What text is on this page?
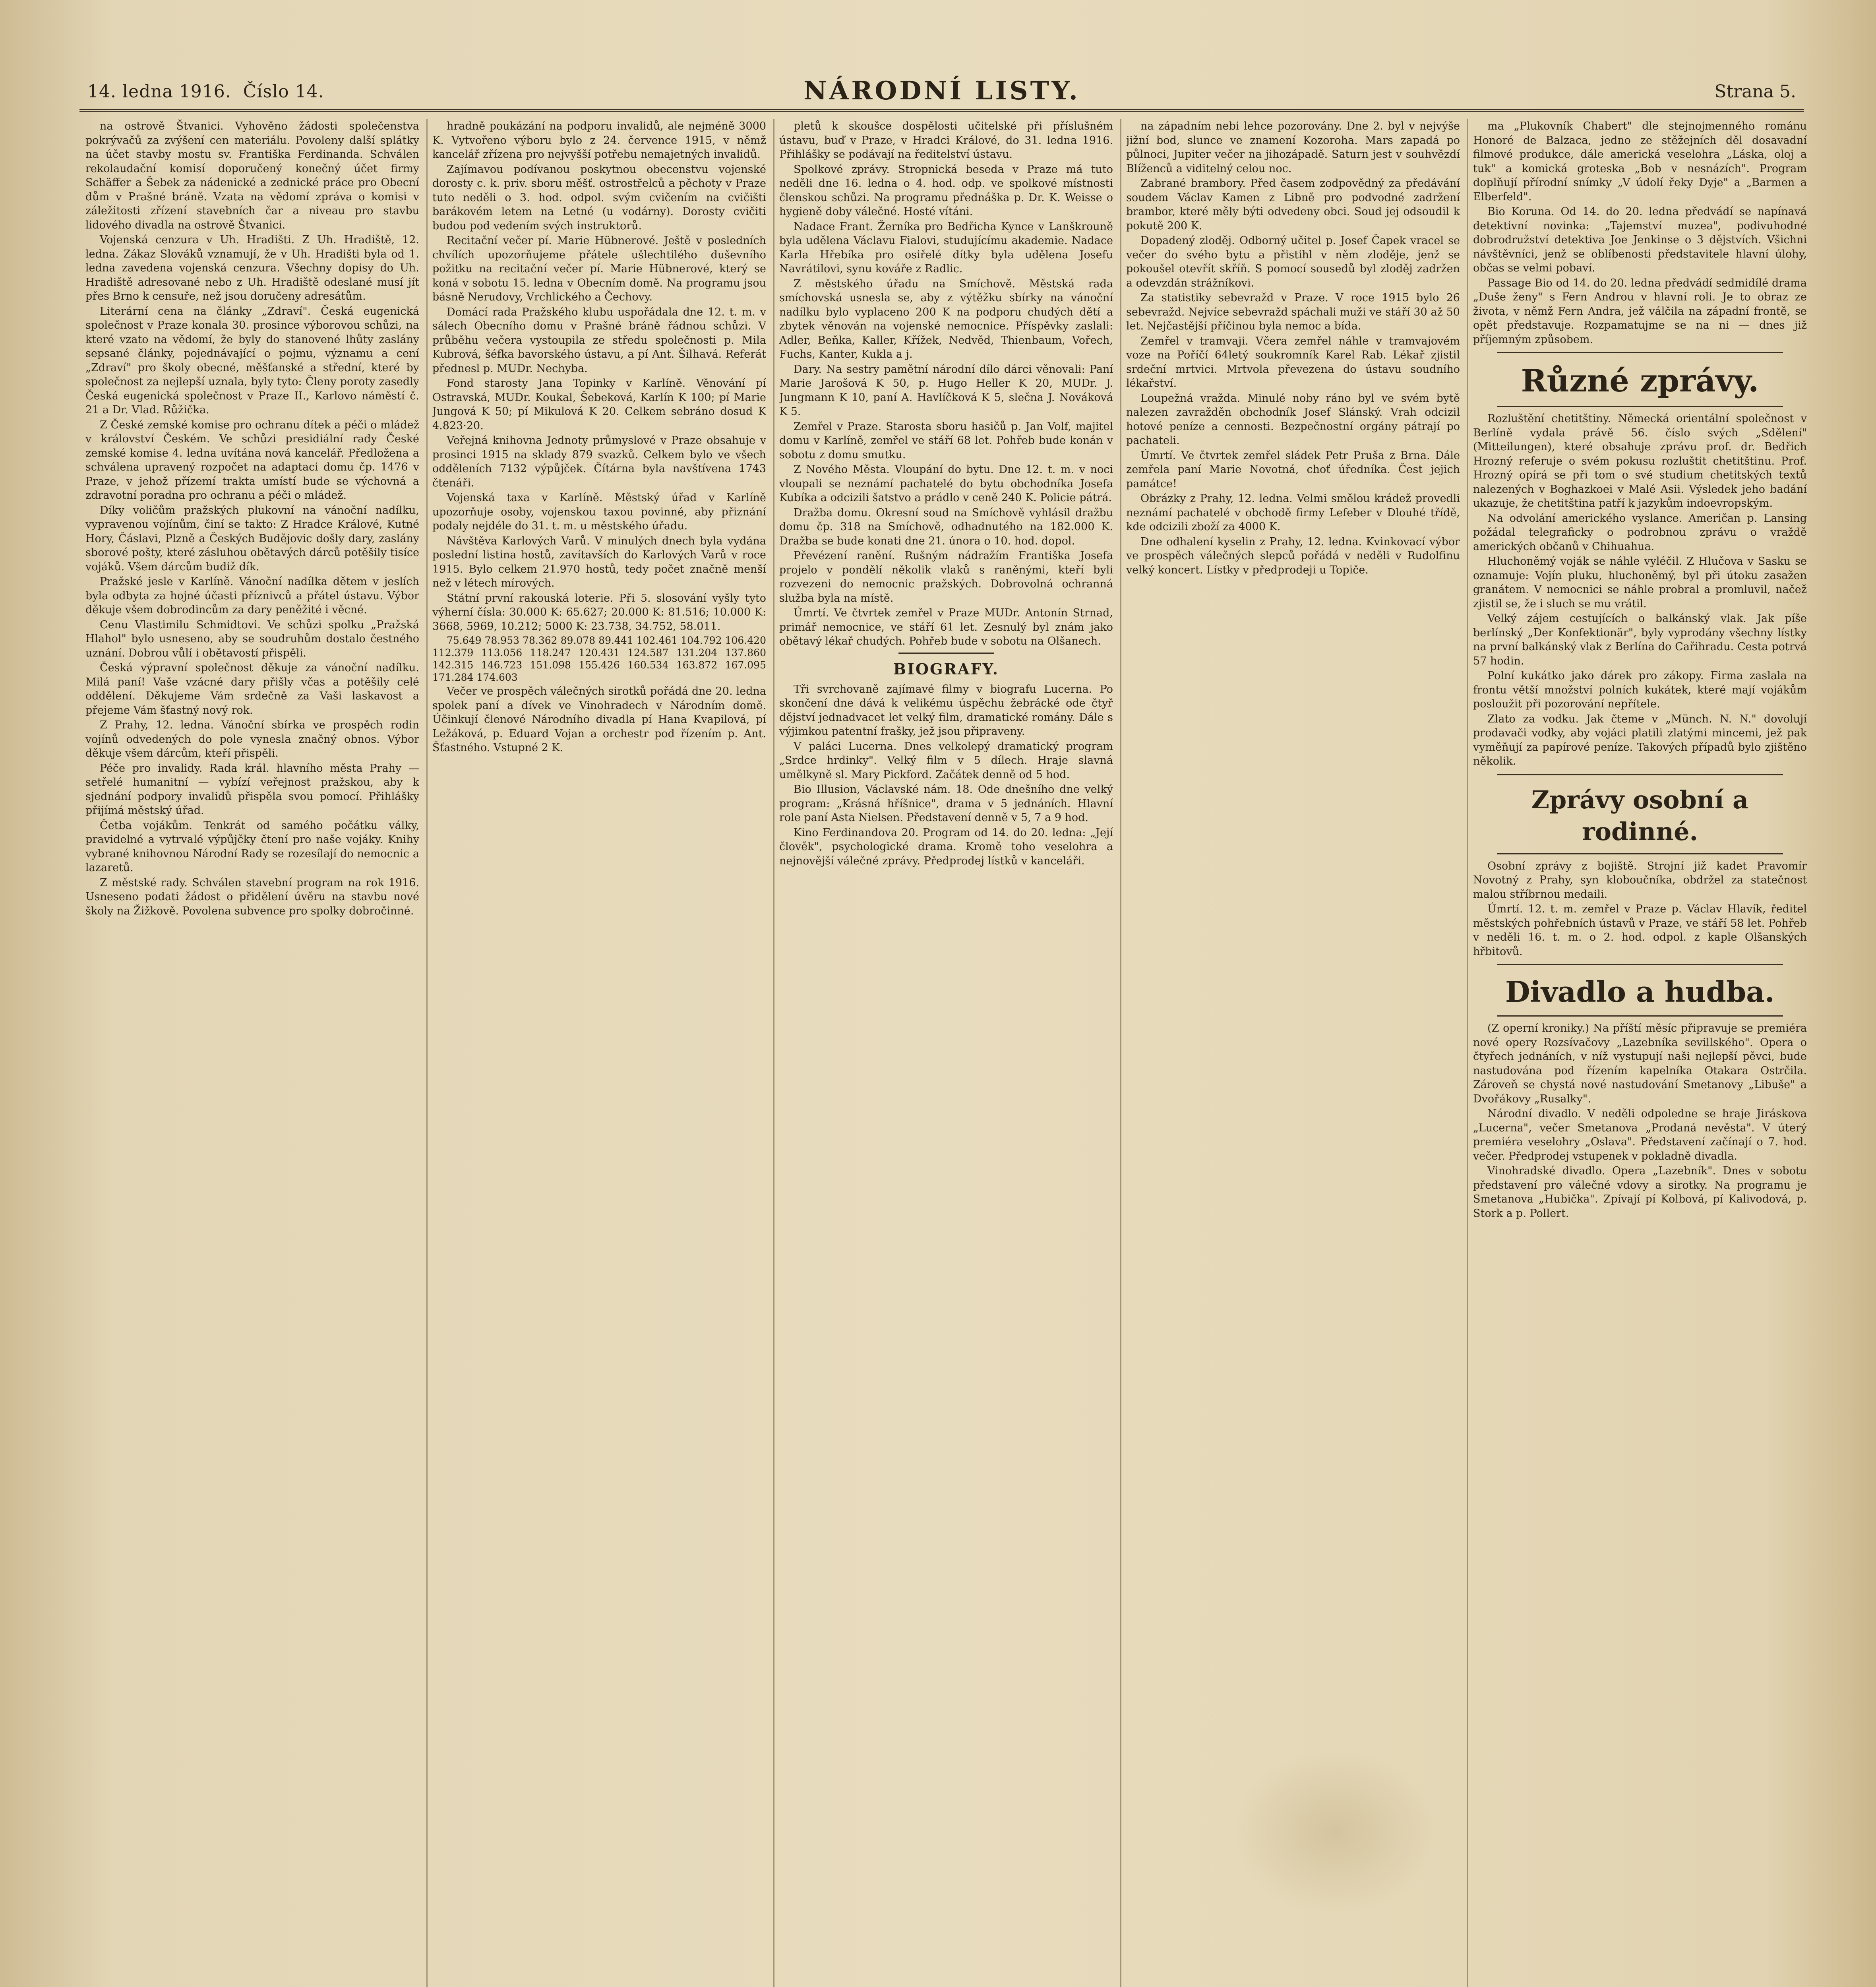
14. ledna 1916. Číslo 14.	NÁRODNÍ LISTY.	Strana 5.

na ostrově Štvanici. Vyhověno žádosti společenstva pokrývačů za zvýšení cen materiálu. Povoleny další splátky na účet stavby mostu sv. Františka Ferdinanda. Schválen rekolaudační komisí doporučený konečný účet firmy Schäffer a Šebek za nádenické a zednické práce pro Obecní dům v Prašné bráně. Vzata na vědomí zpráva o komisi v záležitosti zřízení stavebních čar a niveau pro stavbu lidového divadla na ostrově Štvanici.

Vojenská cenzura v Uh. Hradišti. Z Uh. Hradiště, 12. ledna. Zákaz Slováků vznamují, že v Uh. Hradišti byla od 1. ledna zavedena vojenská cenzura. Všechny dopisy do Uh. Hradiště adresované nebo z Uh. Hradiště odeslané musí jít přes Brno k censuře, než jsou doručeny adresátům.

Literární cena na články „Zdraví". Česká eugenická společnost v Praze konala 30. prosince výborovou schůzi, na které vzato na vědomí, že byly do stanovené lhůty zaslány sepsané články, pojednávající o pojmu, významu a cení „Zdraví" pro školy obecné, měšťanské a střední, které by společnost za nejlepší uznala, byly tyto: Členy poroty zasedly Česká eugenická společnost v Praze II., Karlovo náměstí č. 21 a Dr. Vlad. Růžička.

Z České zemské komise pro ochranu dítek a péči o mládež v království Českém. Ve schůzi presidiální rady České zemské komise 4. ledna uvítána nová kancelář. Předložena a schválena upravený rozpočet na adaptaci domu čp. 1476 v Praze, v jehož přízemí trakta umístí bude se výchovná a zdravotní poradna pro ochranu a péči o mládež.

Díky voličům pražských plukovní na vánoční nadílku, vypravenou vojínům, činí se takto: Z Hradce Králové, Kutné Hory, Čáslavi, Plzně a Českých Budějovic došly dary, zaslány sborové pošty, které zásluhou obětavých dárců potěšily tisíce vojáků. Všem dárcům budiž dík.

Pražské jesle v Karlíně. Vánoční nadílka dětem v jeslích byla odbyta za hojné účasti příznivců a přátel ústavu. Výbor děkuje všem dobrodincům za dary peněžité i věcné.

Cenu Vlastimilu Schmidtovi. Ve schůzi spolku „Pražská Hlahol" bylo usneseno, aby se soudruhům dostalo čestného uznání. Dobrou vůlí i obětavostí přispěli.

Česká výpravní společnost děkuje za vánoční nadílku. Milá paní! Vaše vzácné dary přišly včas a potěšily celé oddělení. Děkujeme Vám srdečně za Vaši laskavost a přejeme Vám šťastný nový rok.

Z Prahy, 12. ledna. Vánoční sbírka ve prospěch rodin vojínů odvedených do pole vynesla značný obnos. Výbor děkuje všem dárcům, kteří přispěli.

Péče pro invalidy. Rada král. hlavního města Prahy — setřelé humanitní — vybízí veřejnost pražskou, aby k sjednání podpory invalidů přispěla svou pomocí. Přihlášky přijímá městský úřad.

Četba vojákům. Tenkrát od samého počátku války, pravidelné a vytrvalé výpůjčky čtení pro naše vojáky. Knihy vybrané knihovnou Národní Rady se rozesílají do nemocnic a lazaretů.

Z městské rady. Schválen stavební program na rok 1916. Usneseno podati žádost o přidělení úvěru na stavbu nové školy na Žižkově. Povolena subvence pro spolky dobročinné.

hradně poukázání na podporu invalidů, ale nejméně 3000 K. Vytvořeno výboru bylo z 24. července 1915, v němž kancelář zřízena pro nejvyšší potřebu nemajetných invalidů.

Zajímavou podívanou poskytnou obecenstvu vojenské dorosty c. k. priv. sboru měšť. ostrostřelců a pěchoty v Praze tuto neděli o 3. hod. odpol. svým cvičením na cvičišti barákovém letem na Letné (u vodárny). Dorosty cvičiti budou pod vedením svých instruktorů.

Recitační večer pí. Marie Hübnerové. Ještě v posledních chvílích upozorňujeme přátele ušlechtilého duševního požitku na recitační večer pí. Marie Hübnerové, který se koná v sobotu 15. ledna v Obecním domě. Na programu jsou básně Nerudovy, Vrchlického a Čechovy.

Domácí rada Pražského klubu uspořádala dne 12. t. m. v sálech Obecního domu v Prašné bráně řádnou schůzi. V průběhu večera vystoupila ze středu společnosti p. Mila Kubrová, šéfka bavorského ústavu, a pí Ant. Šilhavá. Referát přednesl p. MUDr. Nechyba.

Fond starosty Jana Topinky v Karlíně. Věnování pí Ostravská, MUDr. Koukal, Šebeková, Karlín K 100; pí Marie Jungová K 50; pí Mikulová K 20. Celkem sebráno dosud K 4.823·20.

Veřejná knihovna Jednoty průmyslové v Praze obsahuje v prosinci 1915 na sklady 879 svazků. Celkem bylo ve všech odděleních 7132 výpůjček. Čítárna byla navštívena 1743 čtenáři.

Vojenská taxa v Karlíně. Městský úřad v Karlíně upozorňuje osoby, vojenskou taxou povinné, aby přiznání podaly nejdéle do 31. t. m. u městského úřadu.

Návštěva Karlových Varů. V minulých dnech byla vydána poslední listina hostů, zavítavších do Karlových Varů v roce 1915. Bylo celkem 21.970 hostů, tedy počet značně menší než v létech mírových.

Státní první rakouská loterie. Při 5. slosování vyšly tyto výherní čísla: 30.000 K: 65.627; 20.000 K: 81.516; 10.000 K: 3668, 5969, 10.212; 5000 K: 23.738, 34.752, 58.011.

75.649 78.953 78.362 89.078 89.441 102.461 104.792 106.420 112.379 113.056 118.247 120.431 124.587 131.204 137.860 142.315 146.723 151.098 155.426 160.534 163.872 167.095 171.284 174.603

Večer ve prospěch válečných sirotků pořádá dne 20. ledna spolek paní a dívek ve Vinohradech v Národním domě. Účinkují členové Národního divadla pí Hana Kvapilová, pí Ležáková, p. Eduard Vojan a orchestr pod řízením p. Ant. Šťastného. Vstupné 2 K.

pletů k skoušce dospělosti učitelské při příslušném ústavu, buď v Praze, v Hradci Králové, do 31. ledna 1916. Přihlášky se podávají na ředitelství ústavu.

Spolkové zprávy. Stropnická beseda v Praze má tuto neděli dne 16. ledna o 4. hod. odp. ve spolkové místnosti členskou schůzi. Na programu přednáška p. Dr. K. Weisse o hygieně doby válečné. Hosté vítáni.

Nadace Frant. Žerníka pro Bedřicha Kynce v Lanškrouně byla udělena Václavu Fialovi, studujícímu akademie. Nadace Karla Hřebíka pro osiřelé dítky byla udělena Josefu Navrátilovi, synu kováře z Radlic.

Z městského úřadu na Smíchově. Městská rada smíchovská usnesla se, aby z výtěžku sbírky na vánoční nadílku bylo vyplaceno 200 K na podporu chudých dětí a zbytek věnován na vojenské nemocnice. Příspěvky zaslali: Adler, Beňka, Kaller, Křížek, Nedvěd, Thienbaum, Vořech, Fuchs, Kanter, Kukla a j.

Dary. Na sestry pamětní národní dílo dárci věnovali: Paní Marie Jarošová K 50, p. Hugo Heller K 20, MUDr. J. Jungmann K 10, paní A. Havlíčková K 5, slečna J. Nováková K 5.

Zemřel v Praze. Starosta sboru hasičů p. Jan Volf, majitel domu v Karlíně, zemřel ve stáří 68 let. Pohřeb bude konán v sobotu z domu smutku.

Z Nového Města. Vloupání do bytu. Dne 12. t. m. v noci vloupali se neznámí pachatelé do bytu obchodníka Josefa Kubíka a odcizili šatstvo a prádlo v ceně 240 K. Policie pátrá.

Dražba domu. Okresní soud na Smíchově vyhlásil dražbu domu čp. 318 na Smíchově, odhadnutého na 182.000 K. Dražba se bude konati dne 21. února o 10. hod. dopol.

Převézení ranění. Rušným nádražím Františka Josefa projelo v pondělí několik vlaků s raněnými, kteří byli rozvezeni do nemocnic pražských. Dobrovolná ochranná služba byla na místě.

Úmrtí. Ve čtvrtek zemřel v Praze MUDr. Antonín Strnad, primář nemocnice, ve stáří 61 let. Zesnulý byl znám jako obětavý lékař chudých. Pohřeb bude v sobotu na Olšanech.

BIOGRAFY.

Tři svrchovaně zajímavé filmy v biografu Lucerna. Po skončení dne dává k velikému úspěchu žebrácké ode čtyř dějství jednadvacet let velký film, dramatické romány. Dále s výjimkou patentní frašky, jež jsou připraveny.

V paláci Lucerna. Dnes velkolepý dramatický program „Srdce hrdinky". Velký film v 5 dílech. Hraje slavná umělkyně sl. Mary Pickford. Začátek denně od 5 hod.

Bio Illusion, Václavské nám. 18. Ode dnešního dne velký program: „Krásná hříšnice", drama v 5 jednáních. Hlavní role paní Asta Nielsen. Představení denně v 5, 7 a 9 hod.

Kino Ferdinandova 20. Program od 14. do 20. ledna: „Její člověk", psychologické drama. Kromě toho veselohra a nejnovější válečné zprávy. Předprodej lístků v kanceláři.

na západním nebi lehce pozorovány. Dne 2. byl v nejvýše jižní bod, slunce ve znamení Kozoroha. Mars zapadá po půlnoci, Jupiter večer na jihozápadě. Saturn jest v souhvězdí Blíženců a viditelný celou noc.

Zabrané brambory. Před časem zodpovědný za předávání soudem Václav Kamen z Libně pro podvodné zadržení brambor, které měly býti odvedeny obci. Soud jej odsoudil k pokutě 200 K.

Dopadený zloděj. Odborný učitel p. Josef Čapek vracel se večer do svého bytu a přistihl v něm zloděje, jenž se pokoušel otevřít skříň. S pomocí sousedů byl zloděj zadržen a odevzdán strážníkovi.

Za statistiky sebevražd v Praze. V roce 1915 bylo 26 sebevražd. Nejvíce sebevražd spáchali muži ve stáří 30 až 50 let. Nejčastější příčinou byla nemoc a bída.

Zemřel v tramvaji. Včera zemřel náhle v tramvajovém voze na Poříčí 64letý soukromník Karel Rab. Lékař zjistil srdeční mrtvici. Mrtvola převezena do ústavu soudního lékařství.

Loupežná vražda. Minulé noby ráno byl ve svém bytě nalezen zavražděn obchodník Josef Slánský. Vrah odcizil hotové peníze a cennosti. Bezpečnostní orgány pátrají po pachateli.

Úmrtí. Ve čtvrtek zemřel sládek Petr Pruša z Brna. Dále zemřela paní Marie Novotná, choť úředníka. Čest jejich památce!

Obrázky z Prahy, 12. ledna. Velmi smělou krádež provedli neznámí pachatelé v obchodě firmy Lefeber v Dlouhé třídě, kde odcizili zboží za 4000 K.

Dne odhalení kyselin z Prahy, 12. ledna. Kvinkovací výbor ve prospěch válečných slepců pořádá v neděli v Rudolfinu velký koncert. Lístky v předprodeji u Topiče.

ma „Plukovník Chabert" dle stejnojmenného románu Honoré de Balzaca, jedno ze stěžejních děl dosavadní filmové produkce, dále americká veselohra „Láska, oloj a tuk" a komická groteska „Bob v nesnázích". Program doplňují přírodní snímky „V údolí řeky Dyje" a „Barmen a Elberfeld".

Bio Koruna. Od 14. do 20. ledna předvádí se napínavá detektivní novinka: „Tajemství muzea", podivuhodné dobrodružství detektiva Joe Jenkinse o 3 dějstvích. Všichni návštěvníci, jenž se oblíbenosti představitele hlavní úlohy, občas se velmi pobaví.

Passage Bio od 14. do 20. ledna předvádí sedmidílé drama „Duše ženy" s Fern Androu v hlavní roli. Je to obraz ze života, v němž Fern Andra, jež válčila na západní frontě, se opět představuje. Rozpamatujme se na ni — dnes již příjemným způsobem.

Různé zprávy.

Rozluštění chetitštiny. Německá orientální společnost v Berlíně vydala právě 56. číslo svých „Sdělení" (Mitteilungen), které obsahuje zprávu prof. dr. Bedřich Hrozný referuje o svém pokusu rozluštit chetitštinu. Prof. Hrozný opírá se při tom o své studium chetitských textů nalezených v Boghazkoei v Malé Asii. Výsledek jeho badání ukazuje, že chetitština patří k jazykům indoevropským.

Na odvolání amerického vyslance. Američan p. Lansing požádal telegraficky o podrobnou zprávu o vraždě amerických občanů v Chihuahua.

Hluchoněmý voják se náhle vyléčil. Z Hlučova v Sasku se oznamuje: Vojín pluku, hluchoněmý, byl při útoku zasažen granátem. V nemocnici se náhle probral a promluvil, načež zjistil se, že i sluch se mu vrátil.

Velký zájem cestujících o balkánský vlak. Jak píše berlínský „Der Konfektionär", byly vyprodány všechny lístky na první balkánský vlak z Berlína do Cařihradu. Cesta potrvá 57 hodin.

Polní kukátko jako dárek pro zákopy. Firma zaslala na frontu větší množství polních kukátek, které mají vojákům posloužit při pozorování nepřítele.

Zlato za vodku. Jak čteme v „Münch. N. N." dovolují prodavači vodky, aby vojáci platili zlatými mincemi, jež pak vyměňují za papírové peníze. Takových případů bylo zjištěno několik.

Zprávy osobní a rodinné.

Osobní zprávy z bojiště. Strojní již kadet Pravomír Novotný z Prahy, syn kloboučníka, obdržel za statečnost malou stříbrnou medaili.

Úmrtí. 12. t. m. zemřel v Praze p. Václav Hlavík, ředitel městských pohřebních ústavů v Praze, ve stáří 58 let. Pohřeb v neděli 16. t. m. o 2. hod. odpol. z kaple Olšanských hřbitovů.

Divadlo a hudba.

(Z operní kroniky.) Na příští měsíc připravuje se premiéra nové opery Rozsívačovy „Lazebníka sevillského". Opera o čtyřech jednáních, v níž vystupují naši nejlepší pěvci, bude nastudována pod řízením kapelníka Otakara Ostrčila. Zároveň se chystá nové nastudování Smetanovy „Libuše" a Dvořákovy „Rusalky".

Národní divadlo. V neděli odpoledne se hraje Jiráskova „Lucerna", večer Smetanova „Prodaná nevěsta". V úterý premiéra veselohry „Oslava". Představení začínají o 7. hod. večer. Předprodej vstupenek v pokladně divadla.

Vinohradské divadlo. Opera „Lazebník". Dnes v sobotu představení pro válečné vdovy a sirotky. Na programu je Smetanova „Hubička". Zpívají pí Kolbová, pí Kalivodová, p. Stork a p. Pollert.
